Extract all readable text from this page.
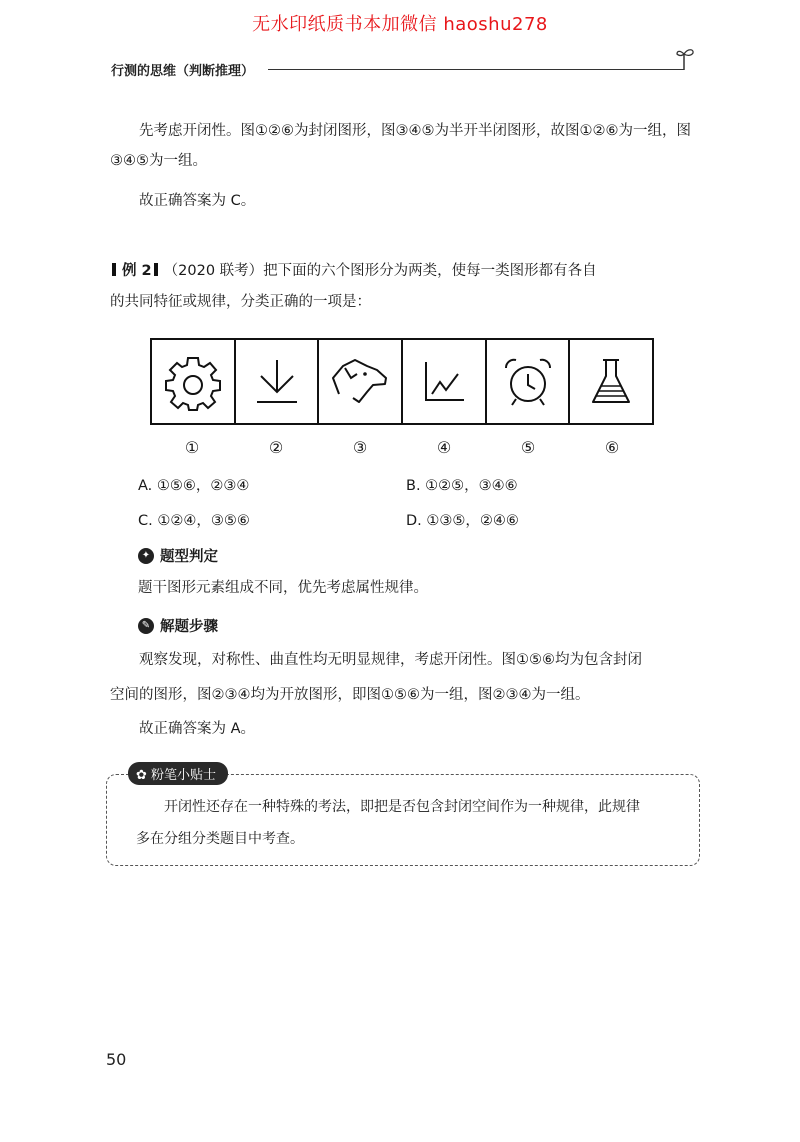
无水印纸质书本加微信 haoshu278
行测的思维（判断推理）

先考虑开闭性。图①②⑥为封闭图形，图③④⑤为半开半闭图形，故图①②⑥为一组，图③④⑤为一组。

故正确答案为 C。

例 2 （2020 联考）把下面的六个图形分为两类，使每一类图形都有各自
的共同特征或规律，分类正确的一项是：
①	②	③	④	⑤	⑥
A. ①⑤⑥，②③④	B. ①②⑤，③④⑥
C. ①②④，③⑤⑥	D. ①③⑤，②④⑥
✦ 题型判定

题干图形元素组成不同，优先考虑属性规律。

✎ 解题步骤

观察发现，对称性、曲直性均无明显规律，考虑开闭性。图①⑤⑥均为包含封闭

空间的图形，图②③④均为开放图形，即图①⑤⑥为一组，图②③④为一组。

故正确答案为 A。

✿ 粉笔小贴士

开闭性还存在一种特殊的考法，即把是否包含封闭空间作为一种规律，此规律
多在分组分类题目中考查。

50
